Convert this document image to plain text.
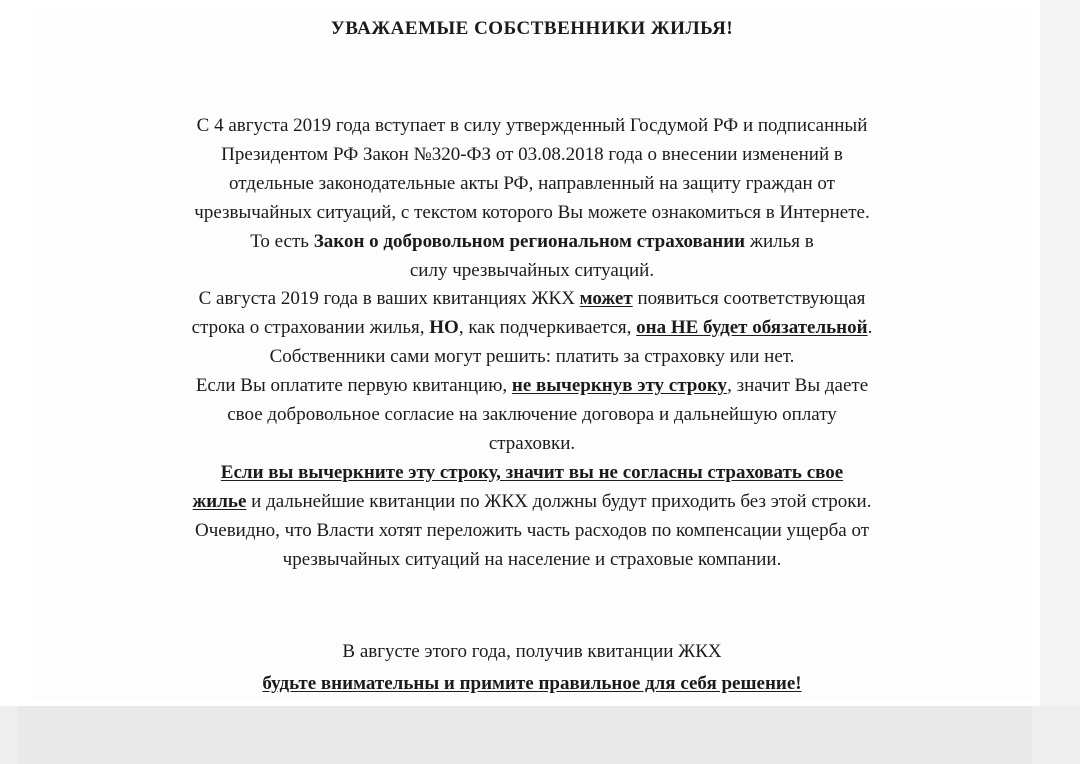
УВАЖАЕМЫЕ СОБСТВЕННИКИ ЖИЛЬЯ!
С 4 августа 2019 года вступает в силу утвержденный Госдумой РФ и подписанный
Президентом РФ Закон №320-ФЗ от 03.08.2018 года о внесении изменений в
отдельные законодательные акты РФ, направленный на защиту граждан от
чрезвычайных ситуаций, с текстом которого Вы можете ознакомиться в Интернете.
То есть Закон о добровольном региональном страховании жилья в
силу чрезвычайных ситуаций.
С августа 2019 года в ваших квитанциях ЖКХ может появиться соответствующая
строка о страховании жилья, НО, как подчеркивается, она НЕ будет обязательной.
Собственники сами могут решить: платить за страховку или нет.
Если Вы оплатите первую квитанцию, не вычеркнув эту строку, значит Вы даете
свое добровольное согласие на заключение договора и дальнейшую оплату
страховки.
Если вы вычеркните эту строку, значит вы не согласны страховать свое
жилье и дальнейшие квитанции по ЖКХ должны будут приходить без этой строки.
Очевидно, что Власти хотят переложить часть расходов по компенсации ущерба от
чрезвычайных ситуаций на население и страховые компании.
В августе этого года, получив квитанции ЖКХ
будьте внимательны и примите правильное для себя решение!
